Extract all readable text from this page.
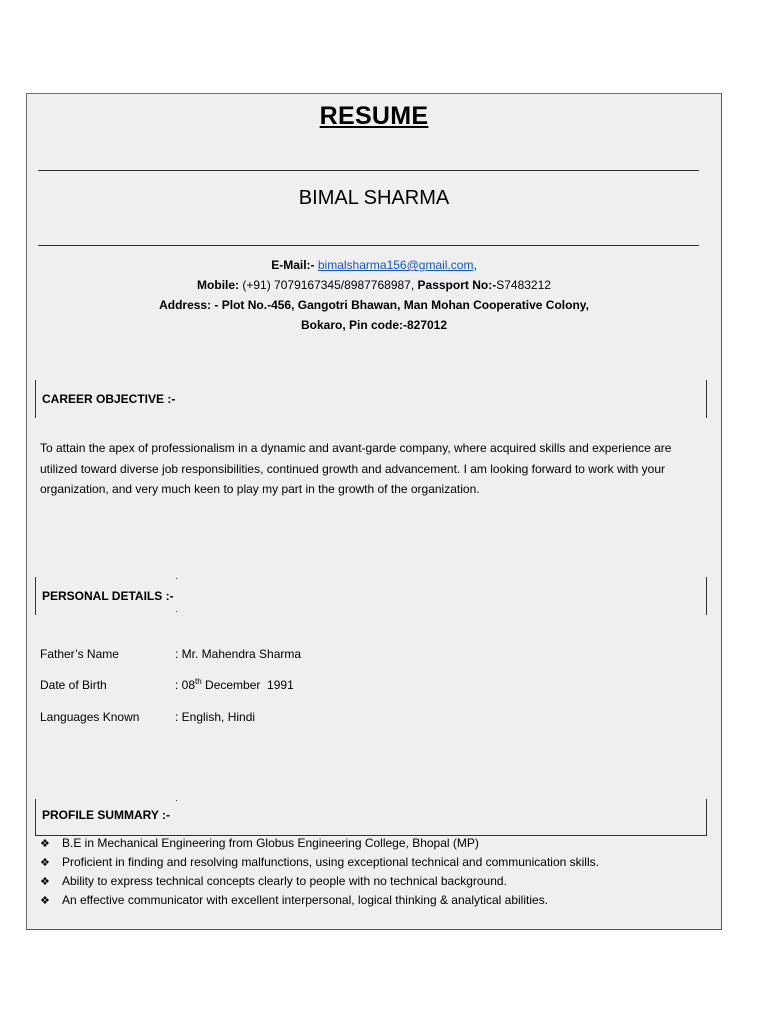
RESUME
BIMAL SHARMA
E-Mail:- bimalsharma156@gmail.com,
Mobile: (+91) 7079167345/8987768987, Passport No:-S7483212
Address: - Plot No.-456, Gangotri Bhawan, Man Mohan Cooperative Colony,
Bokaro, Pin code:-827012
CAREER OBJECTIVE :-
To attain the apex of professionalism in a dynamic and avant-garde company, where acquired skills and experience are utilized toward diverse job responsibilities, continued growth and advancement. I am looking forward to work with your organization, and very much keen to play my part in the growth of the organization.
PERSONAL DETAILS :-
Father’s Name	: Mr. Mahendra Sharma
Date of Birth	: 08th December  1991
Languages Known	: English, Hindi
PROFILE SUMMARY :-
❖ B.E in Mechanical Engineering from Globus Engineering College, Bhopal (MP)
❖ Proficient in finding and resolving malfunctions, using exceptional technical and communication skills.
❖ Ability to express technical concepts clearly to people with no technical background.
❖ An effective communicator with excellent interpersonal, logical thinking & analytical abilities.
